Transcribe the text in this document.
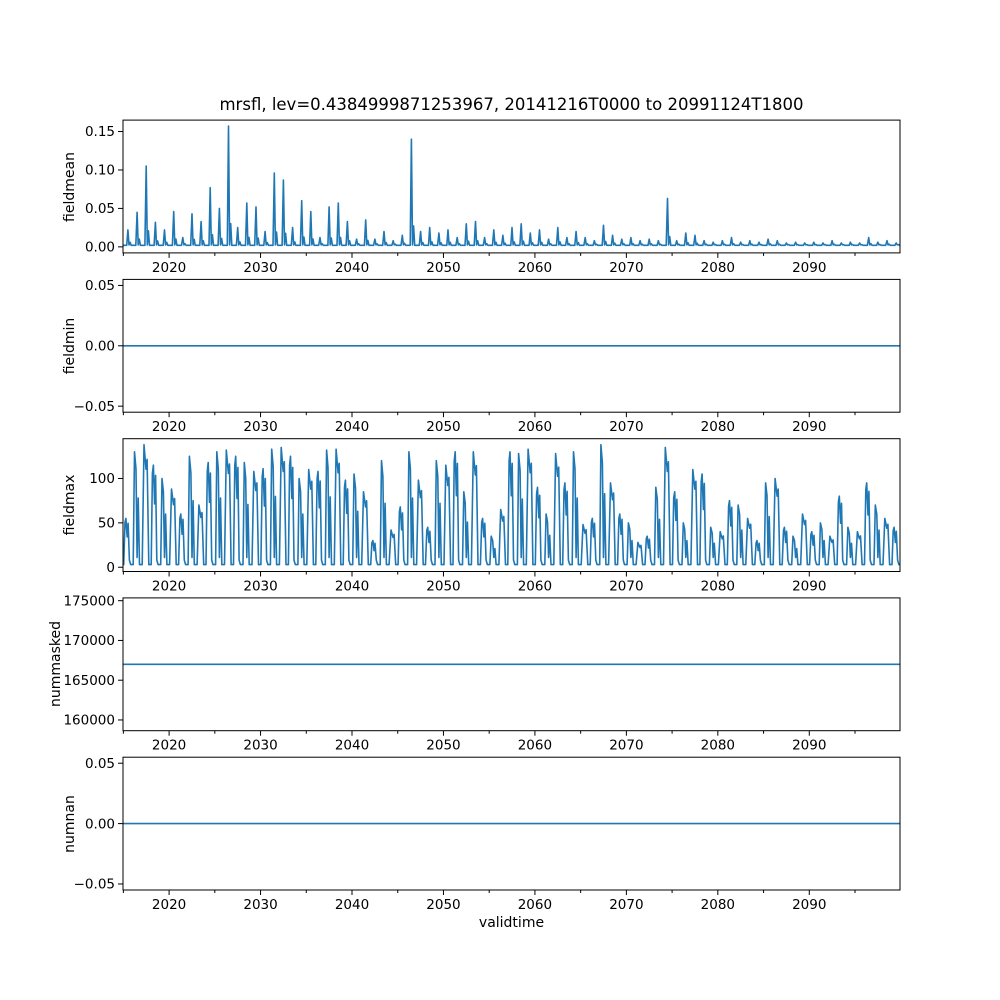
mrsfl, lev=0.4384999871253967, 20141216T0000 to 20991124T1800
fieldmean
fieldmin
fieldmax
nummasked
numnan
validtime
0.00
0.05
0.10
0.15
2020	2030	2040	2050	2060	2070	2080	2090
−0.05
0.00
0.05
2020	2030	2040	2050	2060	2070	2080	2090
0
50
100
2020	2030	2040	2050	2060	2070	2080	2090
160000
165000
170000
175000
2020	2030	2040	2050	2060	2070	2080	2090
−0.05
0.00
0.05
2020	2030	2040	2050	2060	2070	2080	2090
